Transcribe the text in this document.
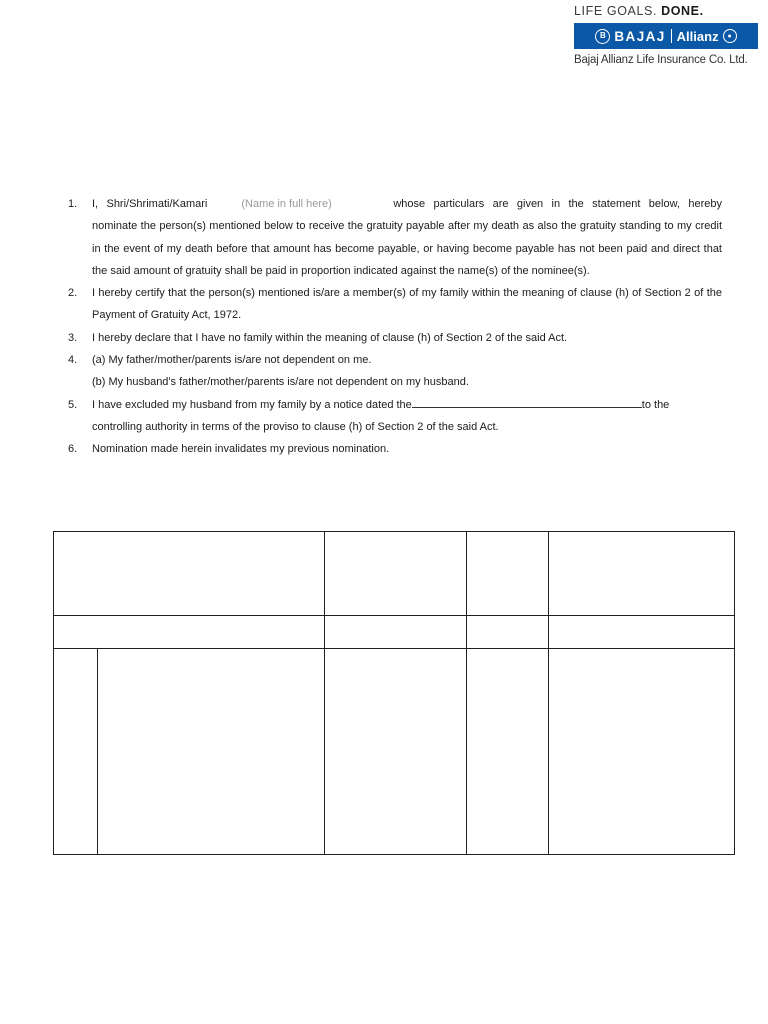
LIFE GOALS. DONE.
B BAJAJ Allianz	●
Bajaj Allianz Life Insurance Co. Ltd.
1.	I, Shri/Shrimati/Kamari	(Name in full here)	whose particulars are given in the statement below, hereby nominate the person(s) mentioned below to receive the gratuity payable after my death as also the gratuity standing to my credit in the event of my death before that amount has become payable, or having become payable has not been paid and direct that the said amount of gratuity shall be paid in proportion indicated against the name(s) of the nominee(s).
2.	I hereby certify that the person(s) mentioned is/are a member(s) of my family within the meaning of clause (h) of Section 2 of the Payment of Gratuity Act, 1972.
3.	I hereby declare that I have no family within the meaning of clause (h) of Section 2 of the said Act.
4.	(a) My father/mother/parents is/are not dependent on me.
(b) My husband's father/mother/parents is/are not dependent on my husband.
5.	I have excluded my husband from my family by a notice dated the	to the
controlling authority in terms of the proviso to clause (h) of Section 2 of the said Act.
6.	Nomination made herein invalidates my previous nomination.
